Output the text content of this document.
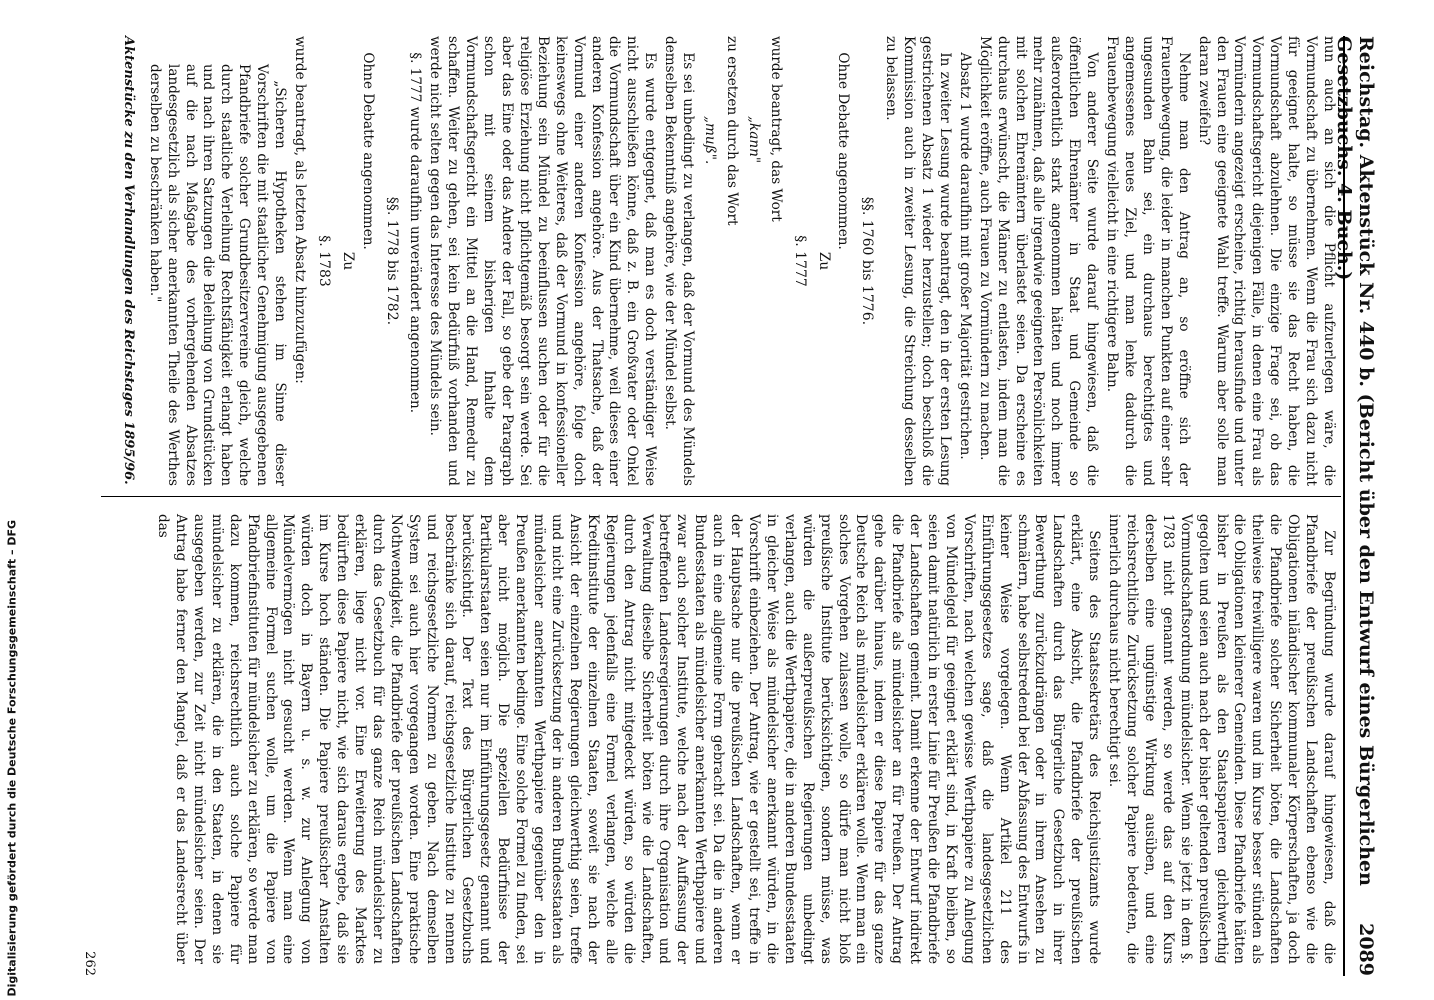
Reichstag. Aktenstück Nr. 440 b. (Bericht über den Entwurf eines Bürgerlichen Gesetzbuchs. 4. Buch.)
2089

nun auch an sich die Pflicht aufzuerlegen wäre, die Vormundschaft zu übernehmen. Wenn die Frau sich dazu nicht für geeignet halte, so müsse sie das Recht haben, die Vormundschaft abzulehnen. Die einzige Frage sei, ob das Vormundschaftsgericht diejenigen Fälle, in denen eine Frau als Vormünderin angezeigt erscheine, richtig herausfinde und unter den Frauen eine geeignete Wahl treffe. Warum aber solle man daran zweifeln?

Nehme man den Antrag an, so eröffne sich der Frauenbewegung, die leider in manchen Punkten auf einer sehr ungesunden Bahn sei, ein durchaus berechtigtes und angemessenes neues Ziel, und man lenke dadurch die Frauenbewegung vielleicht in eine richtigere Bahn.

Von anderer Seite wurde darauf hingewiesen, daß die öffentlichen Ehrenämter in Staat und Gemeinde so außerordentlich stark angenommen hätten und noch immer mehr zunähmen, daß alle irgendwie geeigneten Persönlichkeiten mit solchen Ehrenämtern überlastet seien. Da erscheine es durchaus erwünscht, die Männer zu entlasten, indem man die Möglichkeit eröffne, auch Frauen zu Vormündern zu machen.

Absatz 1 wurde daraufhin mit großer Majorität gestrichen.

In zweiter Lesung wurde beantragt, den in der ersten Lesung gestrichenen Absatz 1 wieder herzustellen; doch beschloß die Kommission auch in zweiter Lesung, die Streichung desselben zu belassen.

§§. 1760 bis 1776.

Ohne Debatte angenommen.

Zu
§. 1777

wurde beantragt, das Wort

„kann"

zu ersetzen durch das Wort

„muß".

Es sei unbedingt zu verlangen, daß der Vormund des Mündels demselben Bekenntniß angehöre, wie der Mündel selbst.

Es wurde entgegnet, daß man es doch verständiger Weise nicht ausschließen könne, daß z. B. ein Großvater oder Onkel die Vormundschaft über ein Kind übernehme, weil dieses einer anderen Konfession angehöre. Aus der Thatsache, daß der Vormund einer anderen Konfession angehöre, folge doch keineswegs ohne Weiteres, daß der Vormund in konfessioneller Beziehung sein Mündel zu beeinflussen suchen oder für die religiöse Erziehung nicht pflichtgemäß besorgt sein werde. Sei aber das Eine oder das Andere der Fall, so gebe der Paragraph schon mit seinem bisherigen Inhalte dem Vormundschaftsgericht ein Mittel an die Hand, Remedur zu schaffen. Weiter zu gehen, sei kein Bedürfniß vorhanden und werde nicht selten gegen das Interesse des Mündels sein.

§. 1777 wurde daraufhin unverändert angenommen.

§§. 1778 bis 1782.

Ohne Debatte angenommen.

Zu
§. 1783

wurde beantragt, als letzten Absatz hinzuzufügen:

„Sicheren Hypotheken stehen im Sinne dieser Vorschriften die mit staatlicher Genehmigung ausgegebenen Pfandbriefe solcher Grundbesitzervereine gleich, welche durch staatliche Verleihung Rechtsfähigkeit erlangt haben und nach ihren Satzungen die Beleihung von Grundstücken auf die nach Maßgabe des vorhergehenden Absatzes landesgesetzlich als sicher anerkannten Theile des Werthes derselben zu beschränken haben."

Aktenstücke zu den Verhandlungen des Reichstages 1895/96.

Zur Begründung wurde darauf hingewiesen, daß die Pfandbriefe der preußischen Landschaften ebenso wie die Obligationen inländischer kommunaler Körperschaften, ja doch die Pfandbriefe solcher Sicherheit böten, die Landschaften theilweise freiwilligere waren und im Kurse besser stünden als die Obligationen kleinerer Gemeinden. Diese Pfandbriefe hätten bisher in Preußen als den Staatspapieren gleichwerthig gegolten und seien auch nach der bisher geltenden preußischen Vormundschaftsordnung mündelsicher. Wenn sie jetzt in dem §. 1783 nicht genannt werden, so werde das auf den Kurs derselben eine ungünstige Wirkung ausüben, und eine reichsrechtliche Zurücksetzung solcher Papiere bedeuten, die innerlich durchaus nicht berechtigt sei.

Seitens des Staatssekretärs des Reichsjustizamts wurde erklärt, eine Absicht, die Pfandbriefe der preußischen Landschaften durch das Bürgerliche Gesetzbuch in ihrer Bewerthung zurückzudrängen oder in ihrem Ansehen zu schmälern, habe selbstredend bei der Abfassung des Entwurfs in keiner Weise vorgelegen. Wenn Artikel 211 des Einführungsgesetzes sage, daß die landesgesetzlichen Vorschriften, nach welchen gewisse Werthpapiere zu Anlegung von Mündelgeld für geeignet erklärt sind, in Kraft bleiben, so seien damit natürlich in erster Linie für Preußen die Pfandbriefe der Landschaften gemeint. Damit erkenne der Entwurf indirekt die Pfandbriefe als mündelsicher an für Preußen. Der Antrag gehe darüber hinaus, indem er diese Papiere für das ganze Deutsche Reich als mündelsicher erklären wolle. Wenn man ein solches Vorgehen zulassen wolle, so dürfe man nicht bloß preußische Institute berücksichtigen, sondern müsse, was würden die außerpreußischen Regierungen unbedingt verlangen, auch die Werthpapiere, die in anderen Bundesstaaten in gleicher Weise als mündelsicher anerkannt würden, in die Vorschrift einbeziehen. Der Antrag, wie er gestellt sei, treffe in der Hauptsache nur die preußischen Landschaften, wenn er auch in eine allgemeine Form gebracht sei. Da die in anderen Bundesstaaten als mündelsicher anerkannten Werthpapiere und zwar auch solcher Institute, welche nach der Auffassung der betreffenden Landesregierungen durch ihre Organisation und Verwaltung dieselbe Sicherheit böten wie die Landschaften, durch den Antrag nicht mitgedeckt würden, so würden die Regierungen jedenfalls eine Formel verlangen, welche alle Kreditinstitute der einzelnen Staaten, soweit sie nach der Ansicht der einzelnen Regierungen gleichwerthig seien, treffe und nicht eine Zurücksetzung der in anderen Bundesstaaten als mündelsicher anerkannten Werthpapiere gegenüber den in Preußen anerkannten bedinge. Eine solche Formel zu finden, sei aber nicht möglich. Die speziellen Bedürfnisse der Partikularstaaten seien nur im Einführungsgesetz genannt und berücksichtigt. Der Text des Bürgerlichen Gesetzbuchs beschränke sich darauf, reichsgesetzliche Institute zu nennen und reichsgesetzliche Normen zu geben. Nach demselben System sei auch hier vorgegangen worden. Eine praktische Nothwendigkeit, die Pfandbriefe der preußischen Landschaften durch das Gesetzbuch für das ganze Reich mündelsicher zu erklären, liege nicht vor. Eine Erweiterung des Marktes bedürften diese Papiere nicht, wie sich daraus ergebe, daß sie im Kurse hoch ständen. Die Papiere preußischer Anstalten würden doch in Bayern u. s. w. zur Anlegung von Mündelvermögen nicht gesucht werden. Wenn man eine allgemeine Formel suchen wolle, um die Papiere von Pfandbriefinstituten für mündelsicher zu erklären, so werde man dazu kommen, reichsrechtlich auch solche Papiere für mündelsicher zu erklären, die in den Staaten, in denen sie ausgegeben werden, zur Zeit nicht mündelsicher seien. Der Antrag habe ferner den Mangel, daß er das Landesrecht über das

262
Digitalisierung gefördert durch die Deutsche Forschungsgemeinschaft – DFG
